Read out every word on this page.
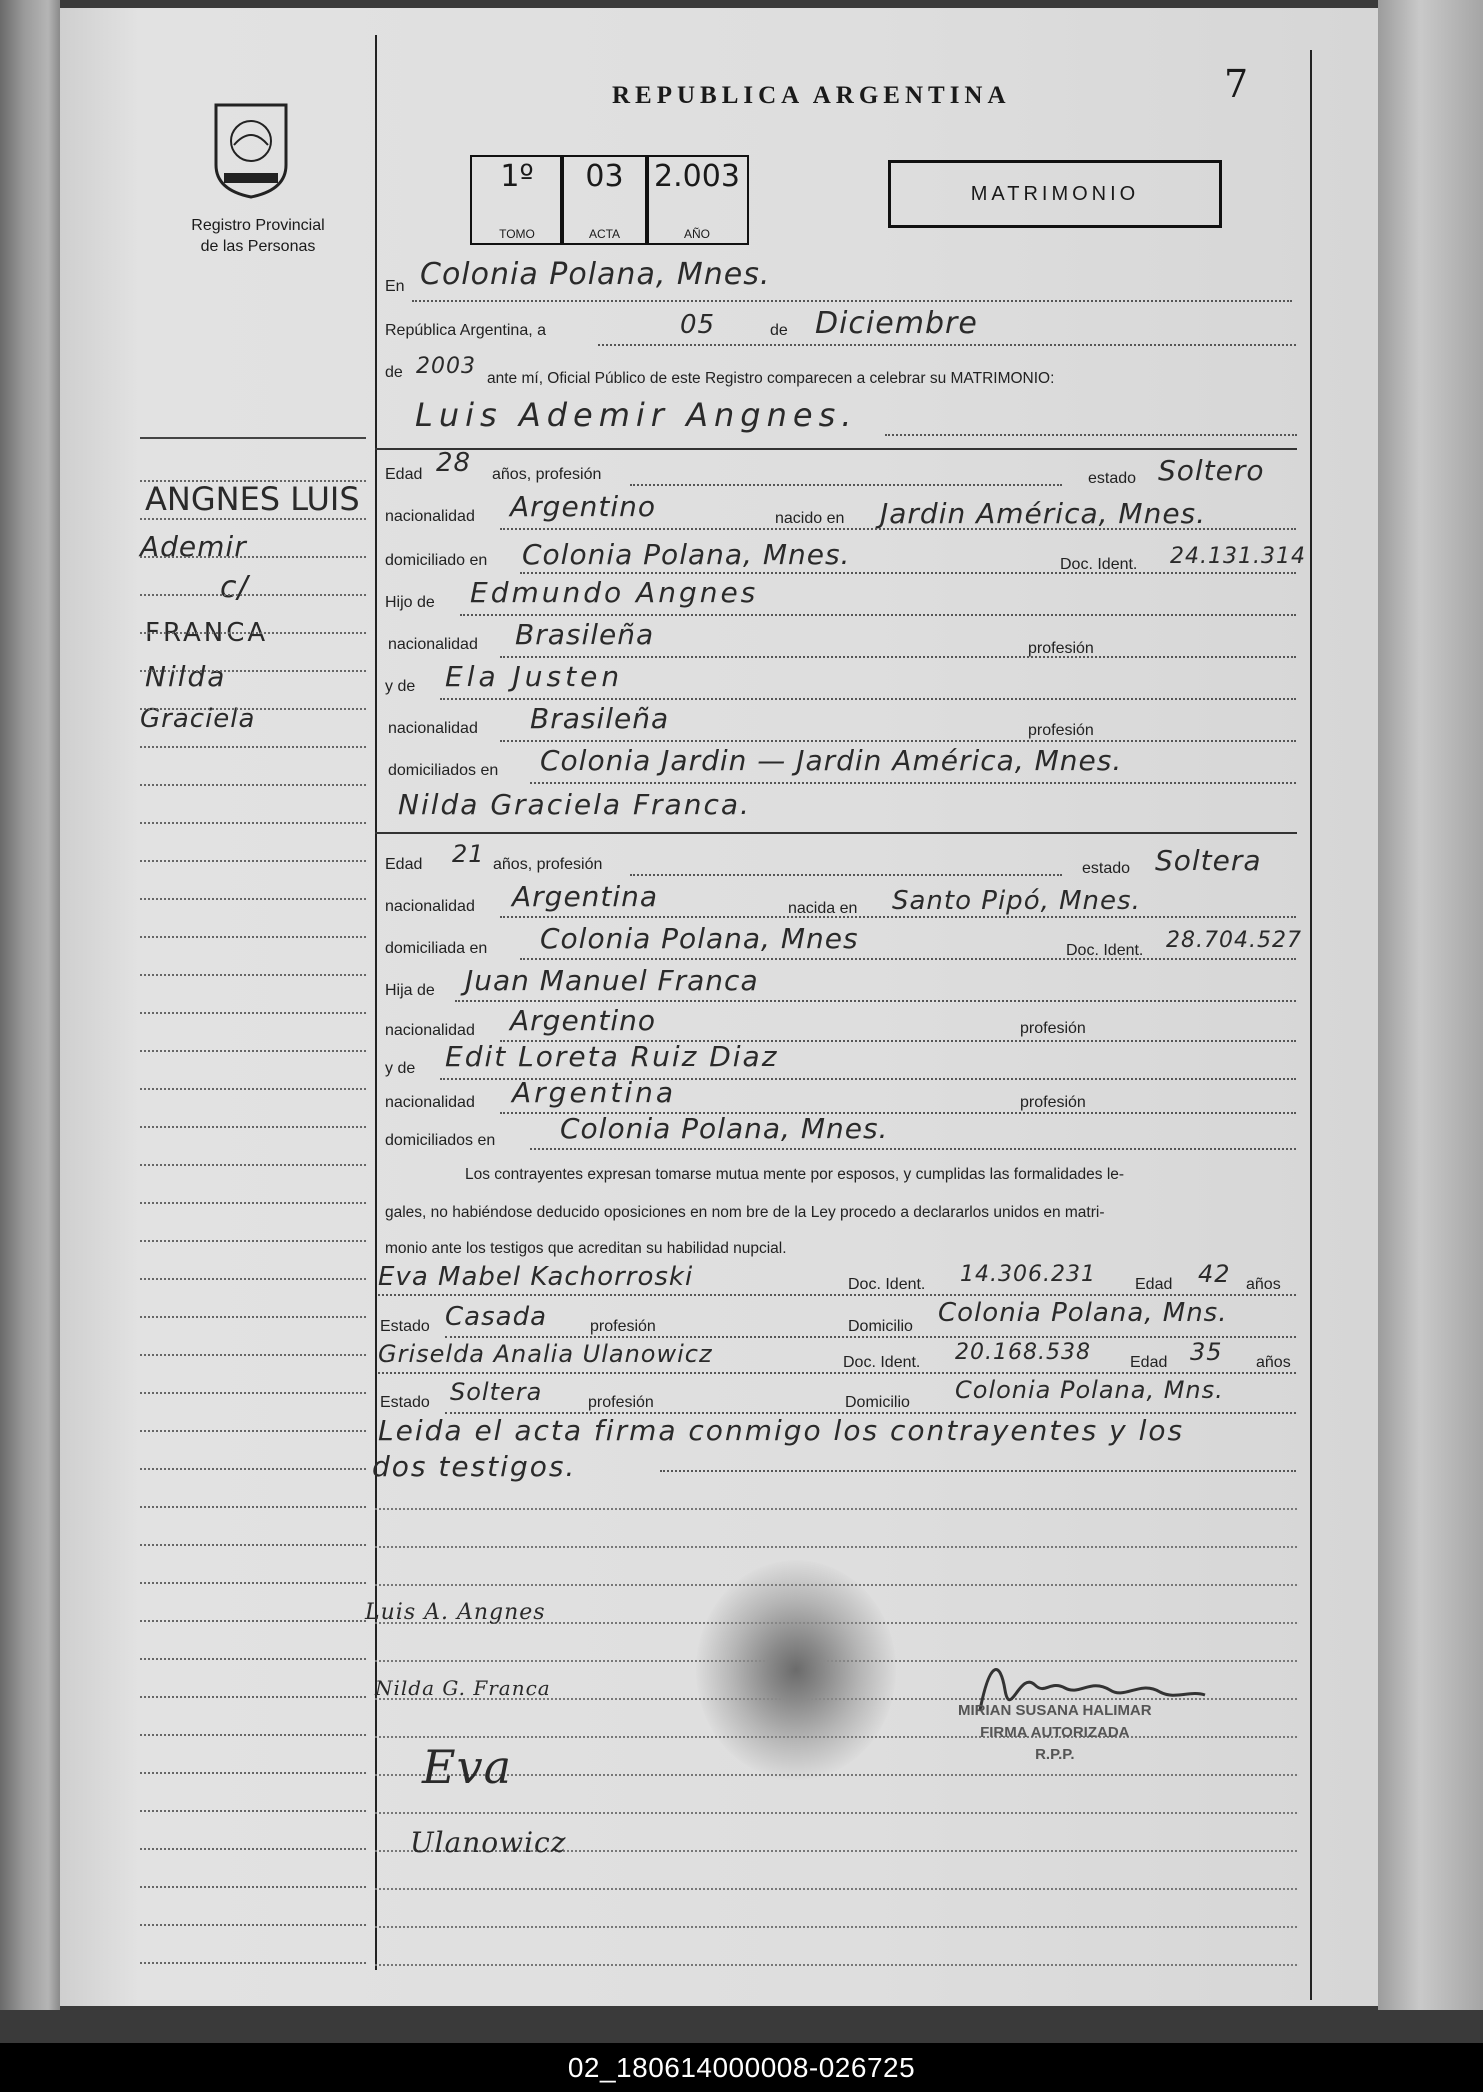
Registro Provincial
de las Personas
REPUBLICA ARGENTINA	7
1º
TOMO
03
ACTA
2.003
AÑO
MATRIMONIO
En Colonia Polana, Mnes.
República Argentina, a	05	de Diciembre
de 2003 ante mí, Oficial Público de este Registro comparecen a celebrar su MATRIMONIO:
Luis Ademir Angnes.
Edad 28 años, profesión	estado Soltero
nacionalidad Argentino	nacido en Jardin América, Mnes.
domiciliado en Colonia Polana, Mnes.	Doc. Ident. 24.131.314
Hijo de Edmundo Angnes
nacionalidad Brasileña	profesión
y de Ela Justen
nacionalidad Brasileña	profesión
domiciliados en Colonia Jardin — Jardin América, Mnes.
Nilda Graciela Franca.
Edad 21 años, profesión	estado Soltera
nacionalidad Argentina	nacida en Santo Pipó, Mnes.
domiciliada en Colonia Polana, Mnes	Doc. Ident. 28.704.527
Hija de Juan Manuel Franca
nacionalidad Argentino	profesión
y de Edit Loreta Ruiz Diaz
nacionalidad Argentina	profesión
domiciliados en Colonia Polana, Mnes.
Los contrayentes expresan tomarse mutua mente por esposos, y cumplidas las formalidades le-
gales, no habiéndose deducido oposiciones en nom bre de la Ley procedo a declararlos unidos en matri-
monio ante los testigos que acreditan su habilidad nupcial.
Eva Mabel Kachorroski	Doc. Ident. 14.306.231 Edad 42 años
Estado Casada	profesión	Domicilio Colonia Polana, Mns.
Griselda Analia Ulanowicz	Doc. Ident. 20.168.538 Edad 35 años
Estado Soltera	profesión	Domicilio Colonia Polana, Mns.
Leida el acta firma conmigo los contrayentes y los
dos testigos.
ANGNES LUIS
Ademir
c/
FRANCA
Nilda
Graciela
Luis A. Angnes
Nilda G. Franca
Eva
Ulanowicz
MIRIAN SUSANA HALIMAR
FIRMA AUTORIZADA
R.P.P.
02_180614000008-026725
